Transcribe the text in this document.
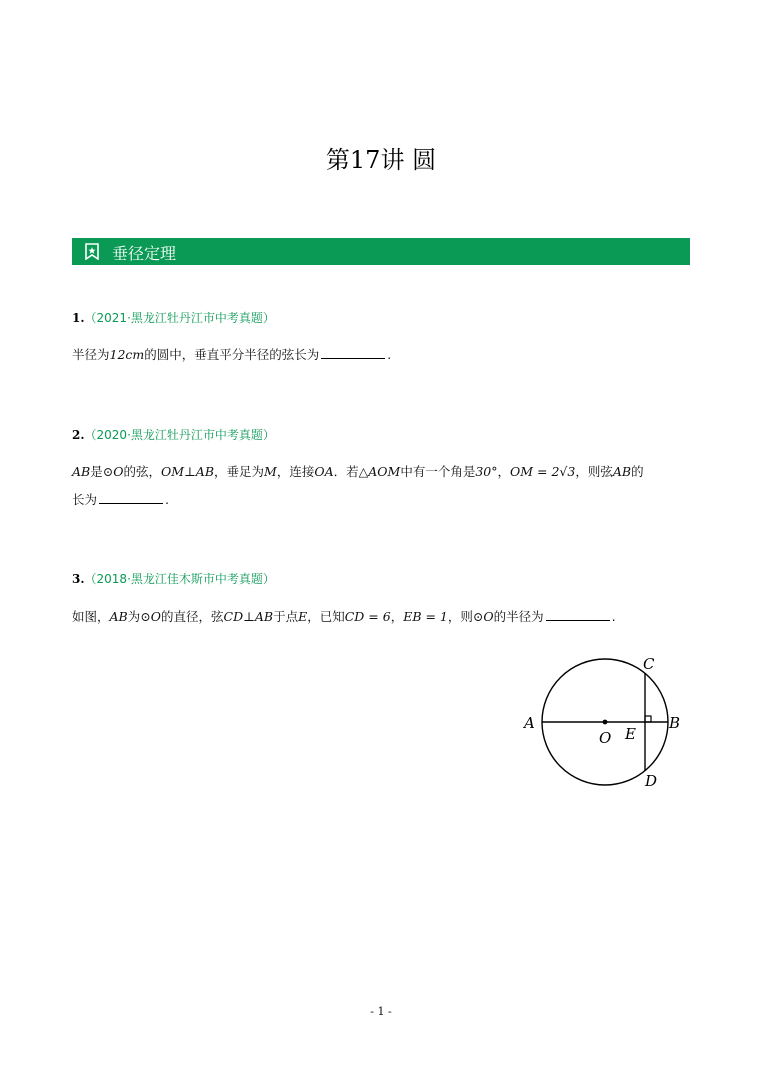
第17讲 圆
垂径定理
1.（2021·黑龙江牡丹江市中考真题）
半径为12cm的圆中，垂直平分半径的弦长为	.
2.（2020·黑龙江牡丹江市中考真题）
AB是⊙O的弦，OM⊥AB，垂足为M，连接OA．若△AOM中有一个角是30°，OM = 2√3，则弦AB的
长为	.
3.（2018·黑龙江佳木斯市中考真题）
如图，AB为⊙O的直径，弦CD⊥AB于点E，已知CD = 6，EB = 1，则⊙O的半径为	.
A	B
C
D
O E
- 1 -
